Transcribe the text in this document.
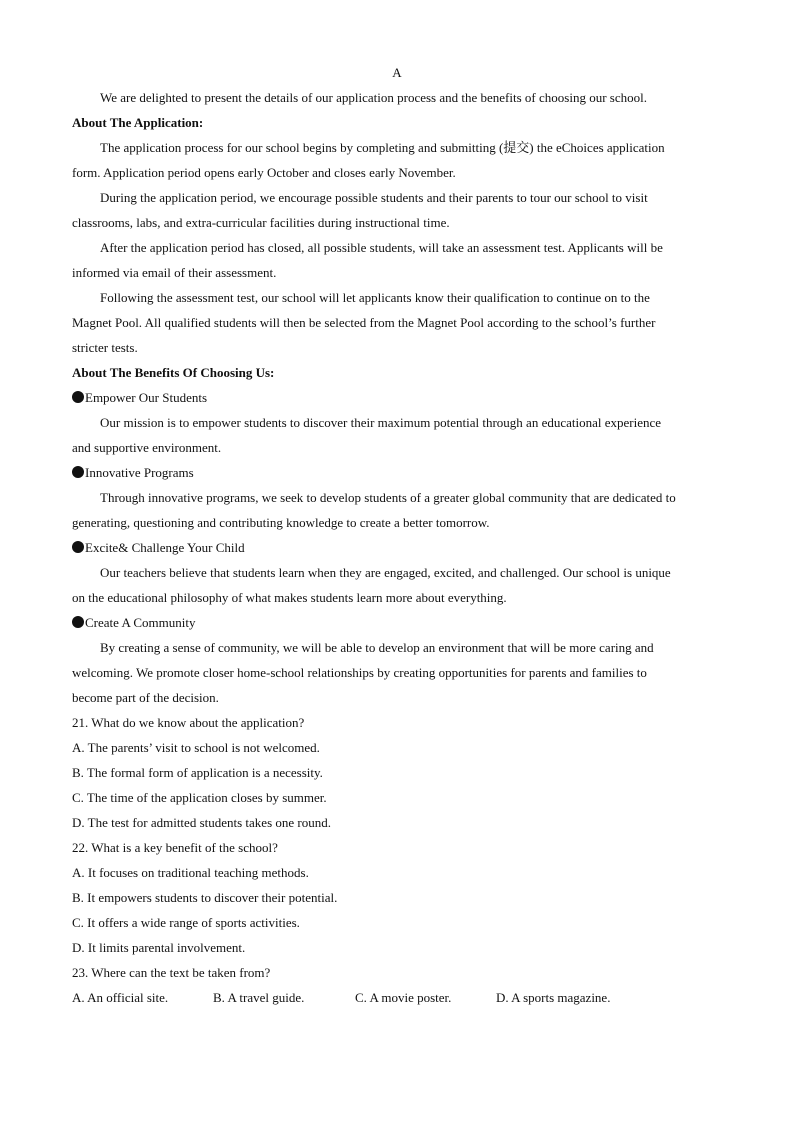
A
We are delighted to present the details of our application process and the benefits of choosing our school.
About The Application:
The application process for our school begins by completing and submitting (提交) the eChoices application
form. Application period opens early October and closes early November.
During the application period, we encourage possible students and their parents to tour our school to visit
classrooms, labs, and extra-curricular facilities during instructional time.
After the application period has closed, all possible students, will take an assessment test. Applicants will be
informed via email of their assessment.
Following the assessment test, our school will let applicants know their qualification to continue on to the
Magnet Pool. All qualified students will then be selected from the Magnet Pool according to the school’s further
stricter tests.
About The Benefits Of Choosing Us:
Empower Our Students
Our mission is to empower students to discover their maximum potential through an educational experience
and supportive environment.
Innovative Programs
Through innovative programs, we seek to develop students of a greater global community that are dedicated to
generating, questioning and contributing knowledge to create a better tomorrow.
Excite& Challenge Your Child
Our teachers believe that students learn when they are engaged, excited, and challenged. Our school is unique
on the educational philosophy of what makes students learn more about everything.
Create A Community
By creating a sense of community, we will be able to develop an environment that will be more caring and
welcoming. We promote closer home-school relationships by creating opportunities for parents and families to
become part of the decision.
21. What do we know about the application?
A. The parents’ visit to school is not welcomed.
B. The formal form of application is a necessity.
C. The time of the application closes by summer.
D. The test for admitted students takes one round.
22. What is a key benefit of the school?
A. It focuses on traditional teaching methods.
B. It empowers students to discover their potential.
C. It offers a wide range of sports activities.
D. It limits parental involvement.
23. Where can the text be taken from?
A. An official site.	B. A travel guide.	C. A movie poster.	D. A sports magazine.
